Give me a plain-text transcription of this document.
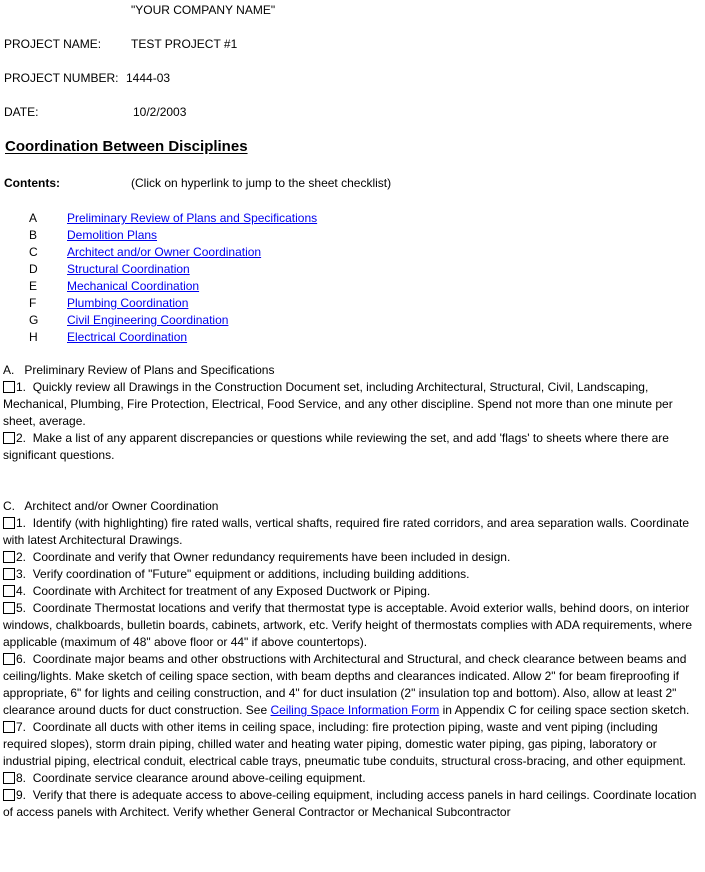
"YOUR COMPANY NAME"
PROJECT NAME: TEST PROJECT #1
PROJECT NUMBER: 1444-03
DATE:	10/2/2003
Coordination Between Disciplines
Contents:	(Click on hyperlink to jump to the sheet checklist)
A Preliminary Review of Plans and Specifications
B Demolition Plans
C Architect and/or Owner Coordination
D Structural Coordination
E Mechanical Coordination
F	Plumbing Coordination
G Civil Engineering Coordination
H Electrical Coordination
A.   Preliminary Review of Plans and Specifications
1. Quickly review all Drawings in the Construction Document set, including Architectural, Structural, Civil, Landscaping, Mechanical, Plumbing, Fire Protection, Electrical, Food Service, and any other discipline. Spend not more than one minute per sheet, average.
2. Make a list of any apparent discrepancies or questions while reviewing the set, and add 'flags' to sheets where there are significant questions.
C.   Architect and/or Owner Coordination
1. Identify (with highlighting) fire rated walls, vertical shafts, required fire rated corridors, and area separation walls. Coordinate with latest Architectural Drawings.
2. Coordinate and verify that Owner redundancy requirements have been included in design.
3. Verify coordination of "Future" equipment or additions, including building additions.
4. Coordinate with Architect for treatment of any Exposed Ductwork or Piping.
5. Coordinate Thermostat locations and verify that thermostat type is acceptable. Avoid exterior walls, behind doors, on interior windows, chalkboards, bulletin boards, cabinets, artwork, etc. Verify height of thermostats complies with ADA requirements, where applicable (maximum of 48" above floor or 44" if above countertops).
6. Coordinate major beams and other obstructions with Architectural and Structural, and check clearance between beams and ceiling/lights. Make sketch of ceiling space section, with beam depths and clearances indicated. Allow 2" for beam fireproofing if appropriate, 6" for lights and ceiling construction, and 4" for duct insulation (2" insulation top and bottom). Also, allow at least 2" clearance around ducts for duct construction. See Ceiling Space Information Form in Appendix C for ceiling space section sketch.
7. Coordinate all ducts with other items in ceiling space, including: fire protection piping, waste and vent piping (including required slopes), storm drain piping, chilled water and heating water piping, domestic water piping, gas piping, laboratory or industrial piping, electrical conduit, electrical cable trays, pneumatic tube conduits, structural cross-bracing, and other equipment.
8. Coordinate service clearance around above-ceiling equipment.
9. Verify that there is adequate access to above-ceiling equipment, including access panels in hard ceilings. Coordinate location of access panels with Architect. Verify whether General Contractor or Mechanical Subcontractor
